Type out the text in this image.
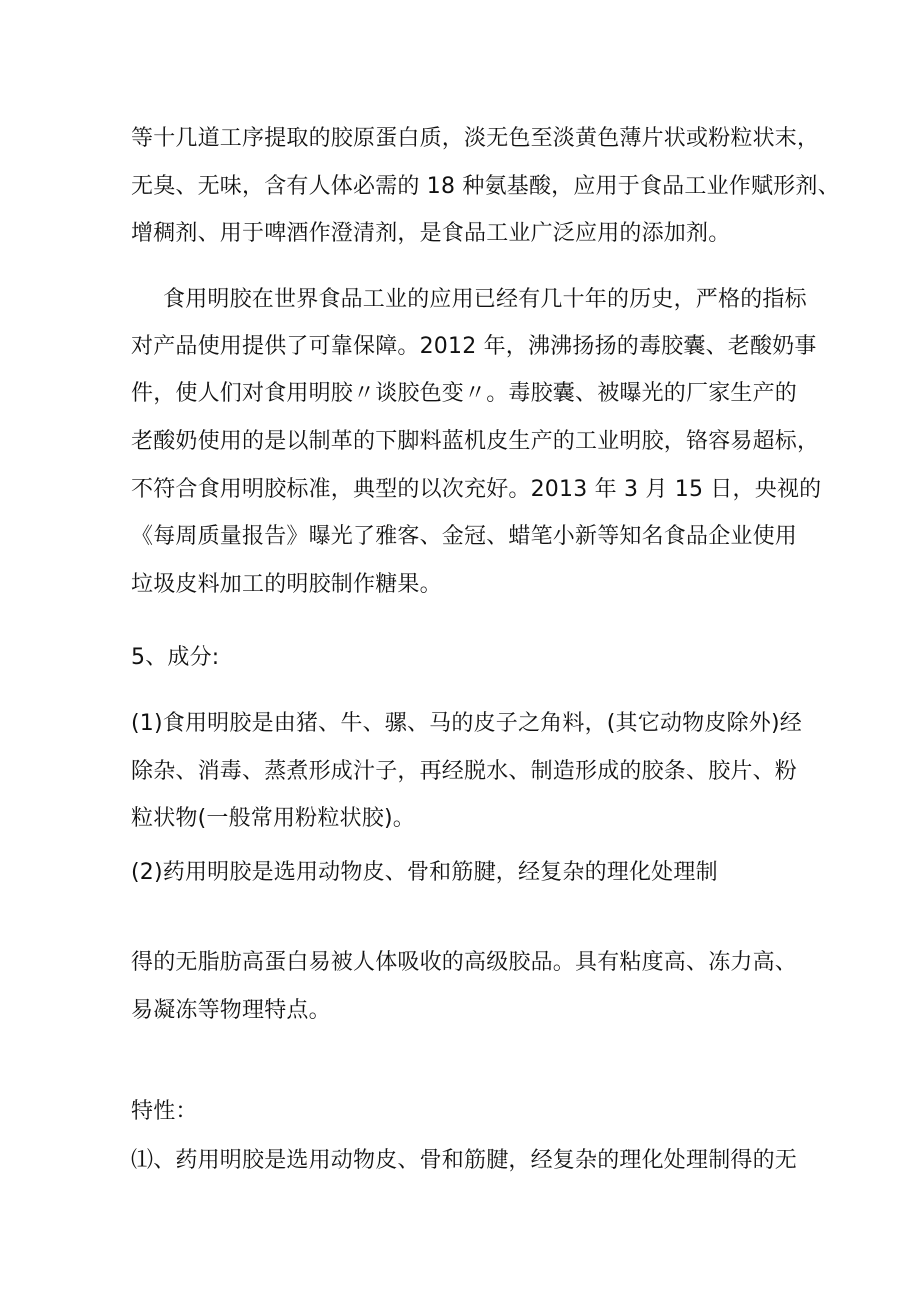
等十几道工序提取的胶原蛋白质，淡无色至淡黄色薄片状或粉粒状末，
无臭、无味，含有人体必需的 18 种氨基酸，应用于食品工业作赋形剂、
增稠剂、用于啤酒作澄清剂，是食品工业广泛应用的添加剂。
食用明胶在世界食品工业的应用已经有几十年的历史，严格的指标
对产品使用提供了可靠保障。2012 年，沸沸扬扬的毒胶囊、老酸奶事
件，使人们对食用明胶〃谈胶色变〃。毒胶囊、被曝光的厂家生产的
老酸奶使用的是以制革的下脚料蓝机皮生产的工业明胶，铬容易超标，
不符合食用明胶标准，典型的以次充好。2013 年 3 月 15 日，央视的
《每周质量报告》曝光了雅客、金冠、蜡笔小新等知名食品企业使用
垃圾皮料加工的明胶制作糖果。
5、成分:
(1)食用明胶是由猪、牛、骡、马的皮子之角料，(其它动物皮除外)经
除杂、消毒、蒸煮形成汁子，再经脱水、制造形成的胶条、胶片、粉
粒状物(一般常用粉粒状胶)。
(2)药用明胶是选用动物皮、骨和筋腱，经复杂的理化处理制
得的无脂肪高蛋白易被人体吸收的高级胶品。具有粘度高、冻力高、
易凝冻等物理特点。
特性：
⑴、药用明胶是选用动物皮、骨和筋腱，经复杂的理化处理制得的无
